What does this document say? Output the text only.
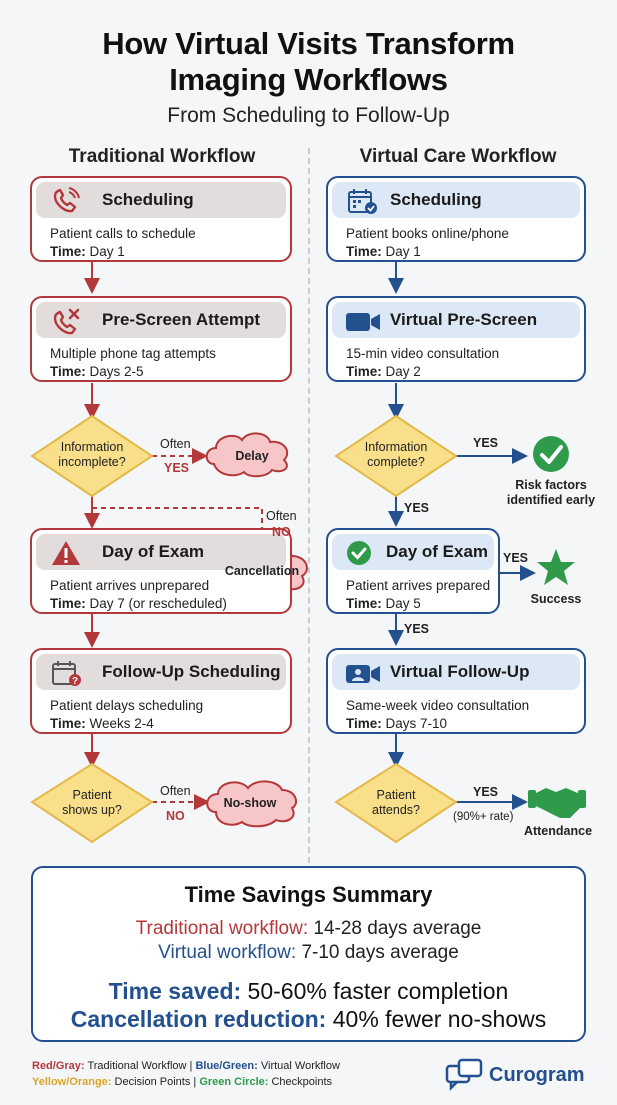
How Virtual Visits Transform
Imaging Workflows
From Scheduling to Follow-Up
Traditional Workflow	Virtual Care Workflow
Scheduling
Patient calls to schedule
Time: Day 1
Pre-Screen Attempt
Multiple phone tag attempts
Time: Days 2-5
Day of Exam
Patient arrives unprepared
Time: Day 7 (or rescheduled)
?
Follow-Up Scheduling
Patient delays scheduling
Time: Weeks 2-4
Scheduling
Patient books online/phone
Time: Day 1
Virtual Pre-Screen
15-min video consultation
Time: Day 2
Day of Exam
Patient arrives prepared
Time: Day 5
Virtual Follow-Up
Same-week video consultation
Time: Days 7-10
Information
incomplete?
Often
YES
Delay
Often
NO
Cancellation
Patient
shows up?
Often
NO
No-show
Information
complete?
YES
Risk factors
identified early
YES
YES
Success
YES
Patient
attends?
YES
(90%+ rate)
Attendance
Time Savings Summary
Traditional workflow: 14-28 days average
Virtual workflow: 7-10 days average
Time saved: 50-60% faster completion
Cancellation reduction: 40% fewer no-shows
Red/Gray: Traditional Workflow | Blue/Green: Virtual Workflow
Yellow/Orange: Decision Points | Green Circle: Checkpoints	Curogram
